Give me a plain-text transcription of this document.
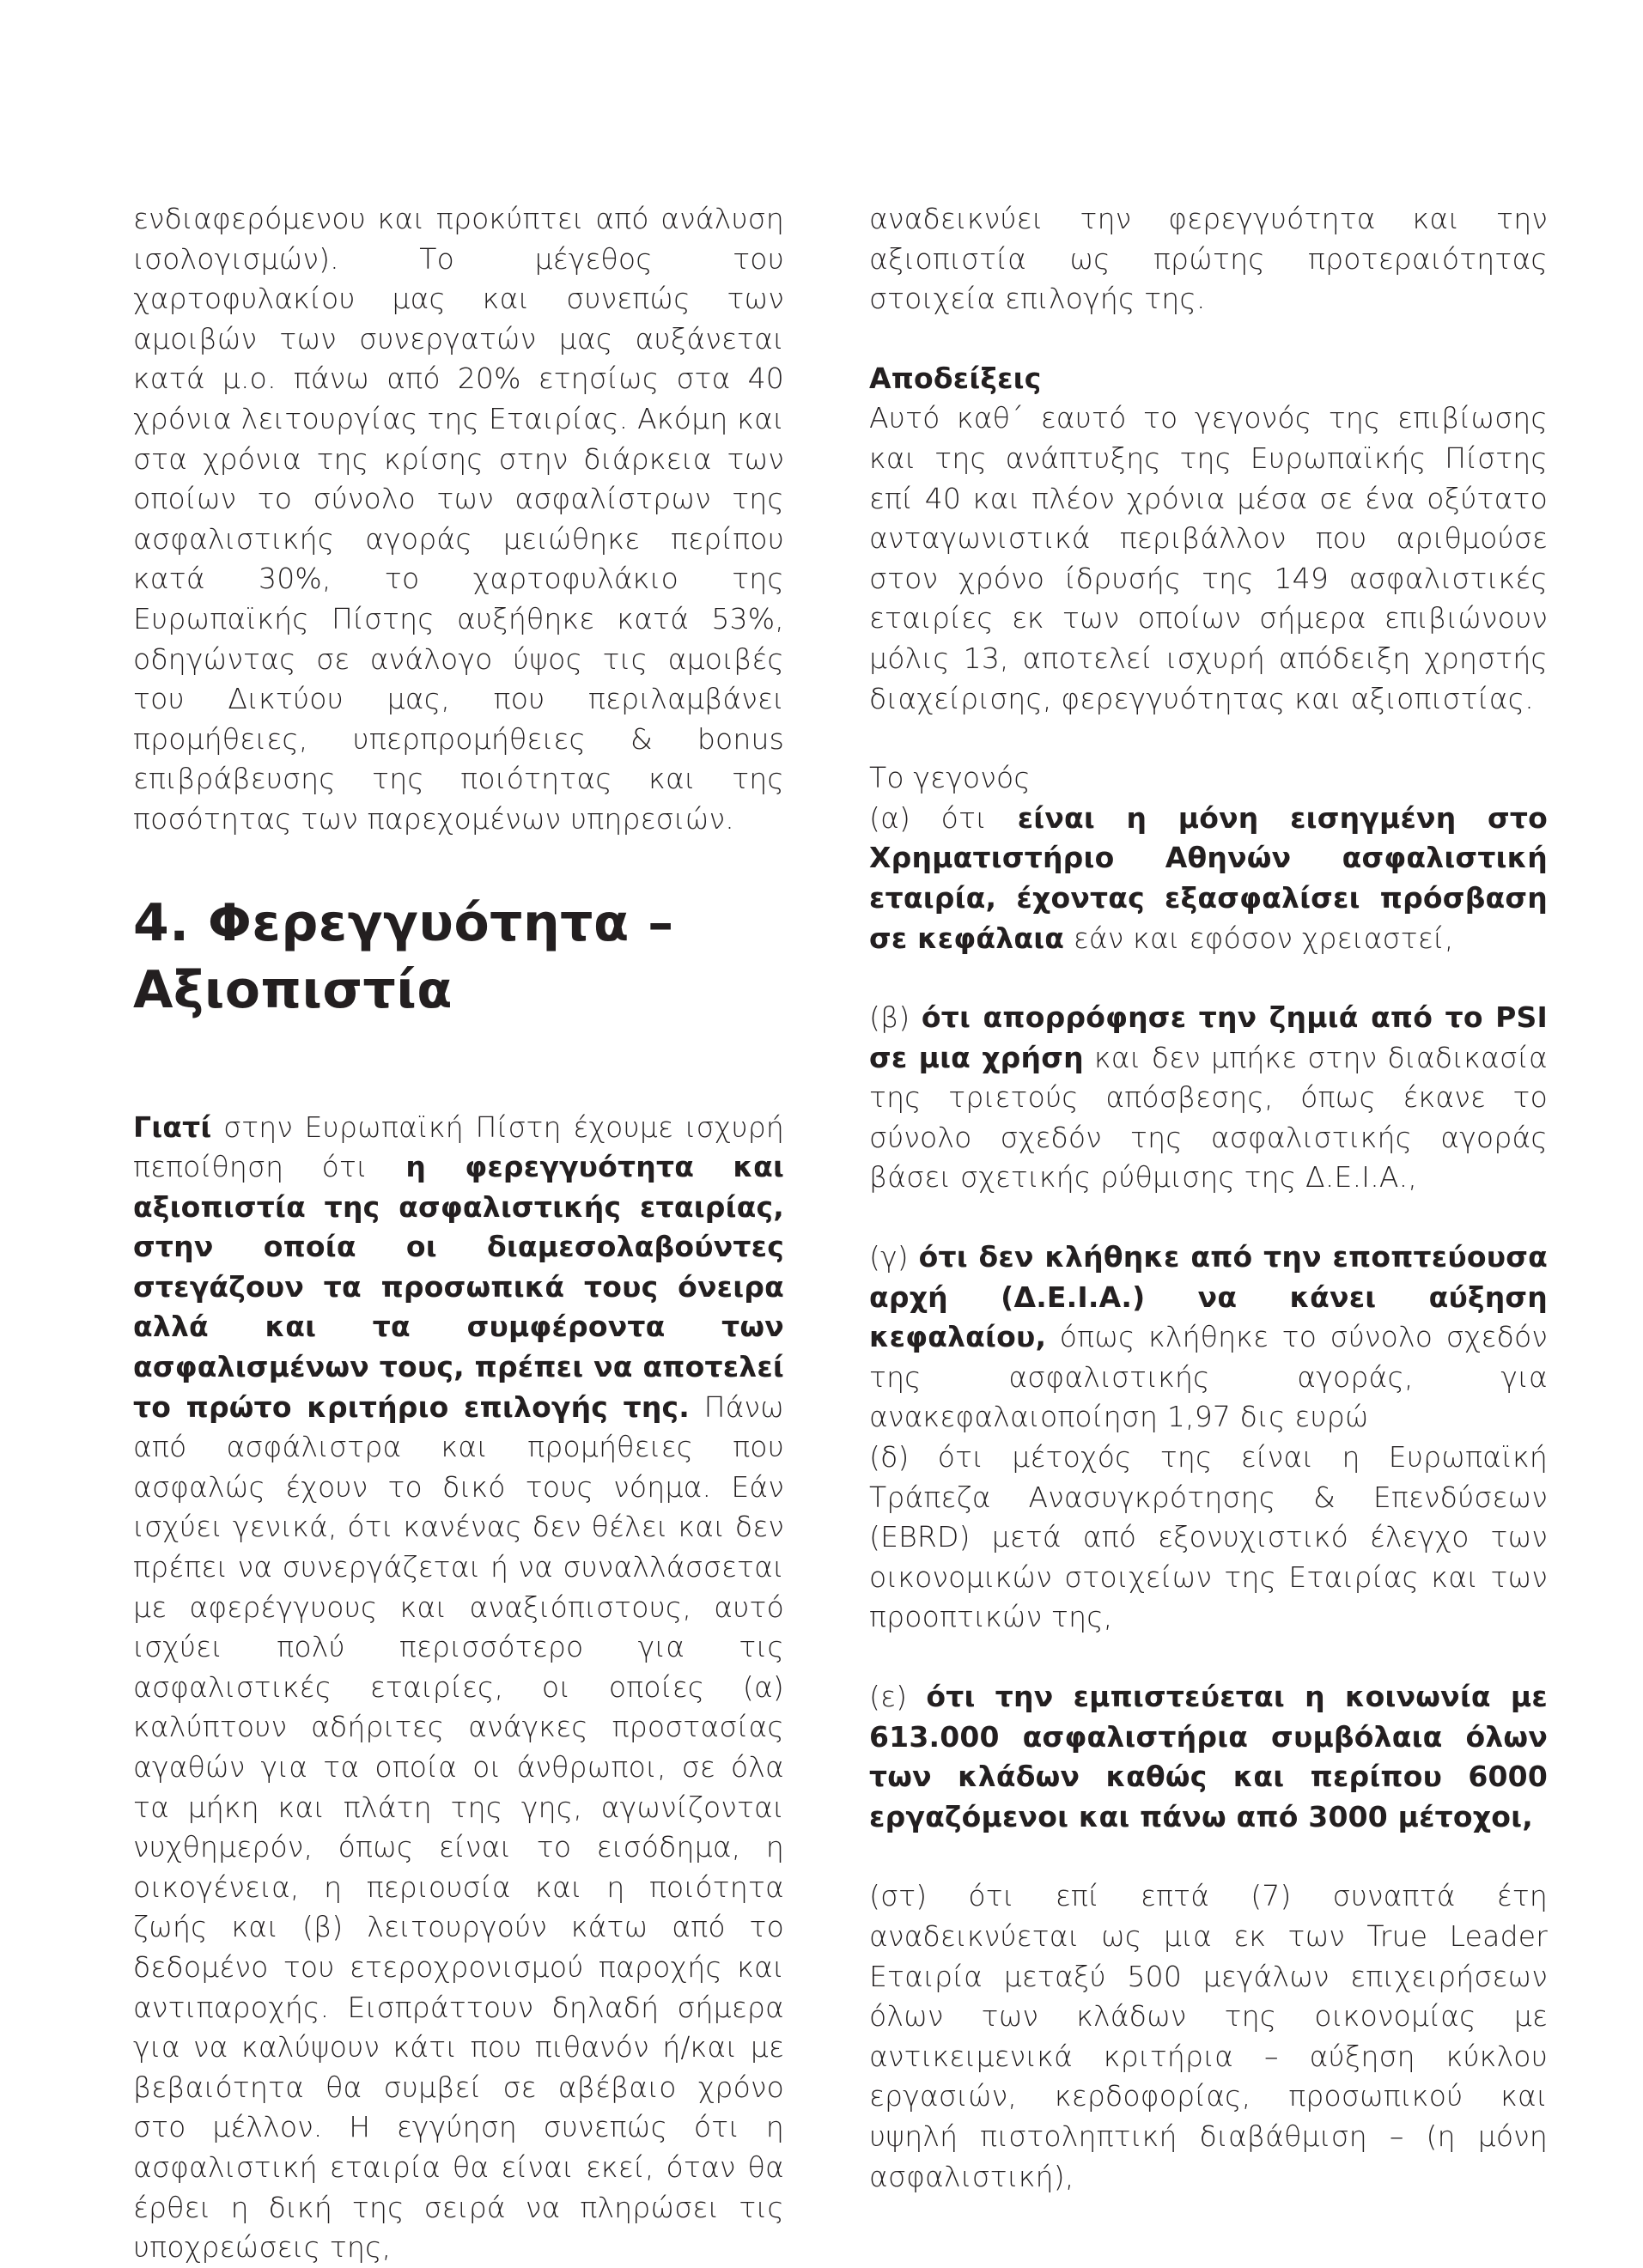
ενδιαφερόμενου και προκύπτει από ανάλυση ισολογισμών). Το μέγεθος του χαρτοφυλακίου μας και συνεπώς των αμοιβών των συνεργατών μας αυξάνεται κατά μ.ο. πάνω από 20% ετησίως στα 40 χρόνια λειτουργίας της Εταιρίας. Ακόμη και στα χρόνια της κρίσης στην διάρκεια των οποίων το σύνολο των ασφαλίστρων της ασφαλιστικής αγοράς μειώθηκε περίπου κατά 30%, το χαρτοφυλάκιο της Ευρωπαϊκής Πίστης αυξήθηκε κατά 53%, οδηγώντας σε ανάλογο ύψος τις αμοιβές του Δικτύου μας, που περιλαμβάνει προμήθειες, υπερπρομήθειες & bonus επιβράβευσης της ποιότητας και της ποσότητας των παρεχομένων υπηρεσιών.

4. Φερεγγυότητα –
Αξιοπιστία

Γιατί στην Ευρωπαϊκή Πίστη έχουμε ισχυρή πεποίθηση ότι η φερεγγυότητα και αξιοπιστία της ασφαλιστικής εταιρίας, στην οποία οι διαμεσολαβούντες στεγάζουν τα προσωπικά τους όνειρα αλλά και τα συμφέροντα των ασφαλισμένων τους, πρέπει να αποτελεί το πρώτο κριτήριο επιλογής της. Πάνω από ασφάλιστρα και προμήθειες που ασφαλώς έχουν το δικό τους νόημα. Εάν ισχύει γενικά, ότι κανένας δεν θέλει και δεν πρέπει να συνεργάζεται ή να συναλλάσσεται με αφερέγγυους και αναξιόπιστους, αυτό ισχύει πολύ περισσότερο για τις ασφαλιστικές εταιρίες, οι οποίες (α) καλύπτουν αδήριτες ανάγκες προστασίας αγαθών για τα οποία οι άνθρωποι, σε όλα τα μήκη και πλάτη της γης, αγωνίζονται νυχθημερόν, όπως είναι το εισόδημα, η οικογένεια, η περιουσία και η ποιότητα ζωής και (β) λειτουργούν κάτω από το δεδομένο του ετεροχρονισμού παροχής και αντιπαροχής. Εισπράττουν δηλαδή σήμερα για να καλύψουν κάτι που πιθανόν ή/και με βεβαιότητα θα συμβεί σε αβέβαιο χρόνο στο μέλλον. Η εγγύηση συνεπώς ότι η ασφαλιστική εταιρία θα είναι εκεί, όταν θα έρθει η δική της σειρά να πληρώσει τις υποχρεώσεις της,

αναδεικνύει την φερεγγυότητα και την αξιοπιστία ως πρώτης προτεραιότητας στοιχεία επιλογής της.

Αποδείξεις

Αυτό καθ΄ εαυτό το γεγονός της επιβίωσης και της ανάπτυξης της Ευρωπαϊκής Πίστης επί 40 και πλέον χρόνια μέσα σε ένα οξύτατο ανταγωνιστικά περιβάλλον που αριθμούσε στον χρόνο ίδρυσής της 149 ασφαλιστικές εταιρίες εκ των οποίων σήμερα επιβιώνουν μόλις 13, αποτελεί ισχυρή απόδειξη χρηστής διαχείρισης, φερεγγυότητας και αξιοπιστίας.

Το γεγονός

(α) ότι είναι η μόνη εισηγμένη στο Χρηματιστήριο Αθηνών ασφαλιστική εταιρία, έχοντας εξασφαλίσει πρόσβαση σε κεφάλαια εάν και εφόσον χρειαστεί,

(β) ότι απορρόφησε την ζημιά από το PSI σε μια χρήση και δεν μπήκε στην διαδικασία της τριετούς απόσβεσης, όπως έκανε το σύνολο σχεδόν της ασφαλιστικής αγοράς βάσει σχετικής ρύθμισης της Δ.Ε.Ι.Α.,

(γ) ότι δεν κλήθηκε από την εποπτεύουσα αρχή (Δ.Ε.Ι.Α.) να κάνει αύξηση κεφαλαίου, όπως κλήθηκε το σύνολο σχεδόν της ασφαλιστικής αγοράς, για ανακεφαλαιοποίηση 1,97 δις ευρώ

(δ) ότι μέτοχός της είναι η Ευρωπαϊκή Τράπεζα Ανασυγκρότησης & Επενδύσεων (EBRD) μετά από εξονυχιστικό έλεγχο των οικονομικών στοιχείων της Εταιρίας και των προοπτικών της,

(ε) ότι την εμπιστεύεται η κοινωνία με 613.000 ασφαλιστήρια συμβόλαια όλων των κλάδων καθώς και περίπου 6000 εργαζόμενοι και πάνω από 3000 μέτοχοι,

(στ) ότι επί επτά (7) συναπτά έτη αναδεικνύεται ως μια εκ των True Leader Εταιρία μεταξύ 500 μεγάλων επιχειρήσεων όλων των κλάδων της οικονομίας με αντικειμενικά κριτήρια – αύξηση κύκλου εργασιών, κερδοφορίας, προσωπικού και υψηλή πιστοληπτική διαβάθμιση – (η μόνη ασφαλιστική),
